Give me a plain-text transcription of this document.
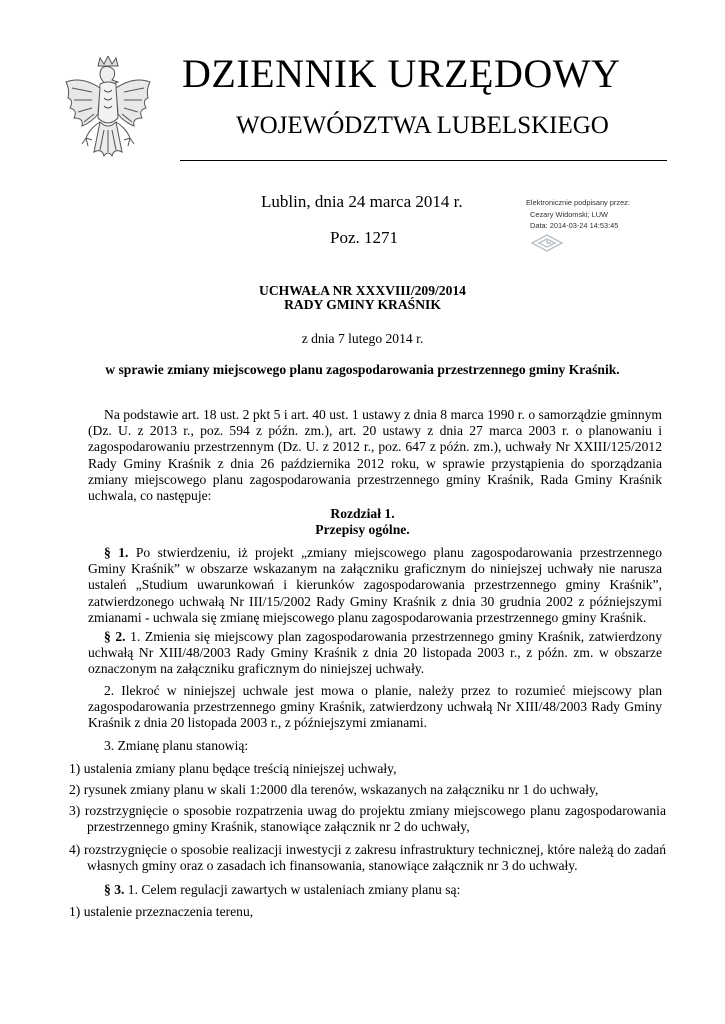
DZIENNIK URZĘDOWY
WOJEWÓDZTWA LUBELSKIEGO
Lublin, dnia 24 marca 2014 r.
Poz. 1271
Elektronicznie podpisany przez:
Cezary Widomski; LUW
Data: 2014-03-24 14:53:45
UCHWAŁA NR XXXVIII/209/2014
RADY GMINY KRAŚNIK
z dnia 7 lutego 2014 r.
w sprawie zmiany miejscowego planu zagospodarowania przestrzennego gminy Kraśnik.
Na podstawie art. 18 ust. 2 pkt 5 i art. 40 ust. 1 ustawy z dnia 8 marca 1990 r. o samorządzie gminnym (Dz. U. z 2013 r., poz. 594 z późn. zm.), art. 20 ustawy z dnia 27 marca 2003 r. o planowaniu i zagospodarowaniu przestrzennym (Dz. U. z 2012 r., poz. 647 z późn. zm.), uchwały Nr XXIII/125/2012 Rady Gminy Kraśnik z dnia 26 października 2012 roku, w sprawie przystąpienia do sporządzania zmiany miejscowego planu zagospodarowania przestrzennego gminy Kraśnik, Rada Gminy Kraśnik uchwala, co następuje:
Rozdział 1.
Przepisy ogólne.
§ 1. Po stwierdzeniu, iż projekt „zmiany miejscowego planu zagospodarowania przestrzennego Gminy Kraśnik” w obszarze wskazanym na załączniku graficznym do niniejszej uchwały nie narusza ustaleń „Studium uwarunkowań i kierunków zagospodarowania przestrzennego gminy Kraśnik”, zatwierdzonego uchwałą Nr III/15/2002 Rady Gminy Kraśnik z dnia 30 grudnia 2002 z późniejszymi zmianami - uchwala się zmianę miejscowego planu zagospodarowania przestrzennego gminy Kraśnik.
§ 2. 1. Zmienia się miejscowy plan zagospodarowania przestrzennego gminy Kraśnik, zatwierdzony uchwałą Nr XIII/48/2003 Rady Gminy Kraśnik z dnia 20 listopada 2003 r., z późn. zm. w obszarze oznaczonym na załączniku graficznym do niniejszej uchwały.
2. Ilekroć w niniejszej uchwale jest mowa o planie, należy przez to rozumieć miejscowy plan zagospodarowania przestrzennego gminy Kraśnik, zatwierdzony uchwałą Nr XIII/48/2003 Rady Gminy Kraśnik z dnia 20 listopada 2003 r., z późniejszymi zmianami.
3. Zmianę planu stanowią:
1) ustalenia zmiany planu będące treścią niniejszej uchwały,
2) rysunek zmiany planu w skali 1:2000 dla terenów, wskazanych na załączniku nr 1 do uchwały,
3) rozstrzygnięcie o sposobie rozpatrzenia uwag do projektu zmiany miejscowego planu zagospodarowania przestrzennego gminy Kraśnik, stanowiące załącznik nr 2 do uchwały,
4) rozstrzygnięcie o sposobie realizacji inwestycji z zakresu infrastruktury technicznej, które należą do zadań własnych gminy oraz o zasadach ich finansowania, stanowiące załącznik nr 3 do uchwały.
§ 3. 1. Celem regulacji zawartych w ustaleniach zmiany planu są:
1) ustalenie przeznaczenia terenu,
